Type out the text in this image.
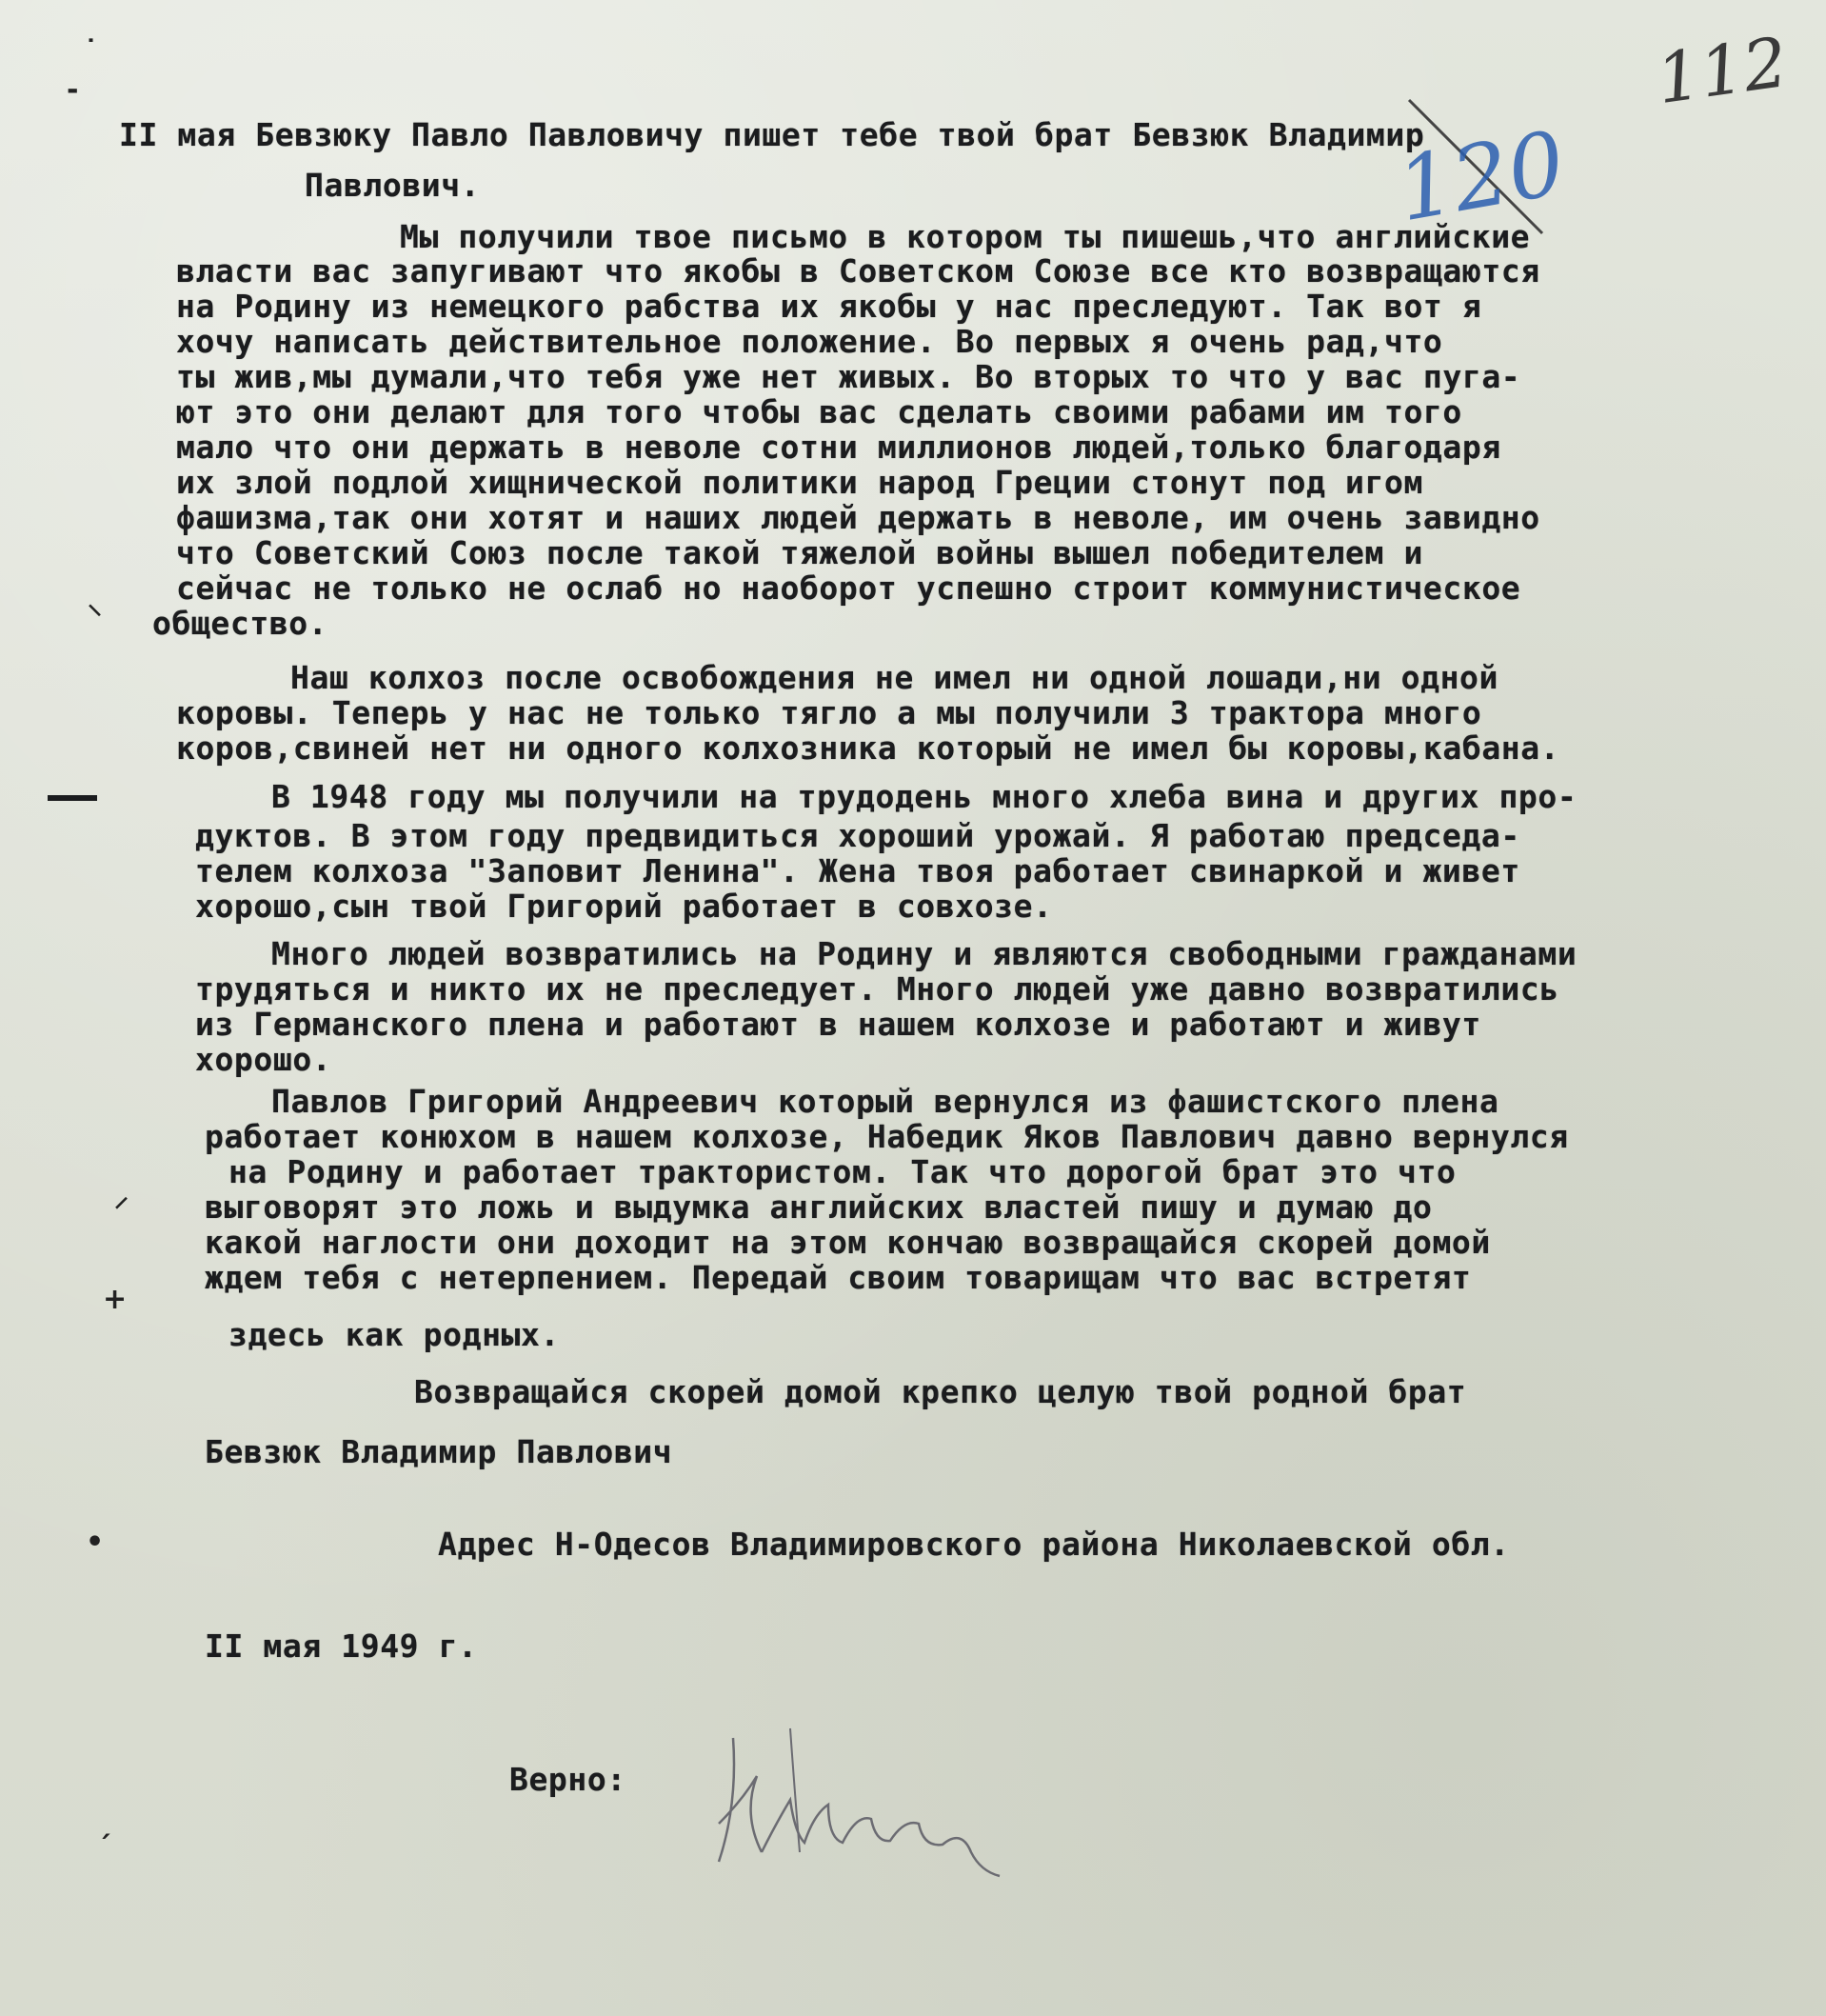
112
120
˙
-
⸜
⸍
+
•
ˏ
II мая Бевзюку Павло Павловичу пишет тебе твой брат Бевзюк Владимир
Павлович.
Мы получили твое письмо в котором ты пишешь,что английские
власти вас запугивают что якобы в Советском Союзе все кто возвращаются
на Родину из немецкого рабства их якобы у нас преследуют. Так вот я
хочу написать действительное положение. Во первых я очень рад,что
ты жив,мы думали,что тебя уже нет живых. Во вторых то что у вас пуга-
ют это они делают для того чтобы вас сделать своими рабами им того
мало что они держать в неволе сотни миллионов людей,только благодаря
их злой подлой хищнической политики народ Греции стонут под игом
фашизма,так они хотят и наших людей держать в неволе, им очень завидно
что Советский Союз после такой тяжелой войны вышел победителем и
сейчас не только не ослаб но наоборот успешно строит коммунистическое
общество.
Наш колхоз после освобождения не имел ни одной лошади,ни одной
коровы. Теперь у нас не только тягло а мы получили 3 трактора много
коров,свиней нет ни одного колхозника который не имел бы коровы,кабана.
В 1948 году мы получили на трудодень много хлеба вина и других про-
дуктов. В этом году предвидиться хороший урожай. Я работаю председа-
телем колхоза "Заповит Ленина". Жена твоя работает свинаркой и живет
хорошо,сын твой Григорий работает в совхозе.
Много людей возвратились на Родину и являются свободными гражданами
трудяться и никто их не преследует. Много людей уже давно возвратились
из Германского плена и работают в нашем колхозе и работают и живут
хорошо.
Павлов Григорий Андреевич который вернулся из фашистского плена
работает конюхом в нашем колхозе, Набедик Яков Павлович давно вернулся
на Родину и работает трактористом. Так что дорогой брат это что
выговорят это ложь и выдумка английских властей пишу и думаю до
какой наглости они доходит на этом кончаю возвращайся скорей домой
ждем тебя с нетерпением. Передай своим товарищам что вас встретят
здесь как родных.
Возвращайся скорей домой крепко целую твой родной брат
Бевзюк Владимир Павлович
Адрес Н-Одесов Владимировского района Николаевской обл.
II мая 1949 г.
Верно:
